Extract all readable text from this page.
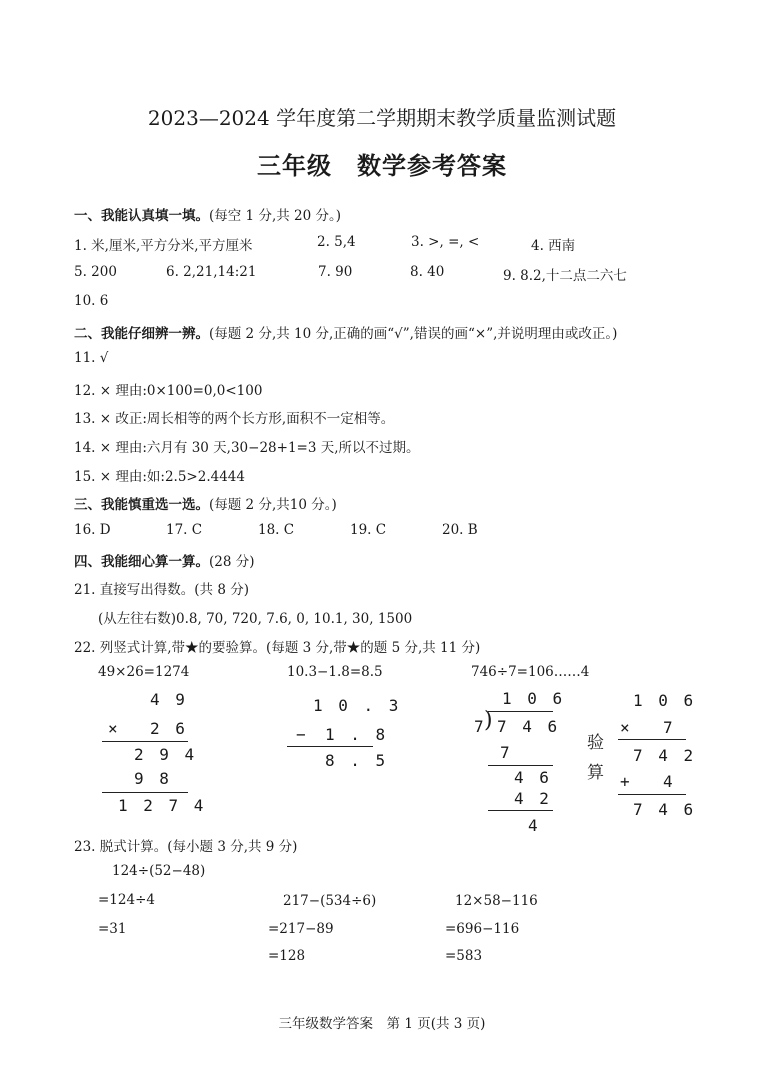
2023—2024 学年度第二学期期末教学质量监测试题
三年级　数学参考答案
一、我能认真填一填。(每空 1 分,共 20 分。)
1. 米,厘米,平方分米,平方厘米	2. 5,4	3. >, =, <	4. 西南
5. 200	6. 2,21,14:21	7. 90	8. 40	9. 8.2,十二点二六七
10. 6
二、我能仔细辨一辨。(每题 2 分,共 10 分,正确的画“√”,错误的画“×”,并说明理由或改正。)
11. √
12. × 理由:0×100=0,0<100
13. × 改正:周长相等的两个长方形,面积不一定相等。
14. × 理由:六月有 30 天,30−28+1=3 天,所以不过期。
15. × 理由:如:2.5>2.4444
三、我能慎重选一选。(每题 2 分,共10 分。)
16. D	17. C	18. C	19. C	20. B
四、我能细心算一算。(28 分)
21. 直接写出得数。(共 8 分)
(从左往右数)0.8, 70, 720, 7.6, 0, 10.1, 30, 1500
22. 列竖式计算,带★的要验算。(每题 3 分,带★的题 5 分,共 11 分)
49×26=1274
4 9
× 2 6
2 9 4
9 8
1 2 7 4
10.3−1.8=8.5
1 0 . 3
− 1 . 8
8 . 5
746÷7=106……4
1 0 6
7
) 7 4 6
7
4 6
4 2
4
验
算
1 0 6
× 7
7 4 2
+ 4
7 4 6
23. 脱式计算。(每小题 3 分,共 9 分)
124÷(52−48)
=124÷4
=31
217−(534÷6)
=217−89
=128
12×58−116
=696−116
=583
三年级数学答案　第 1 页(共 3 页)
